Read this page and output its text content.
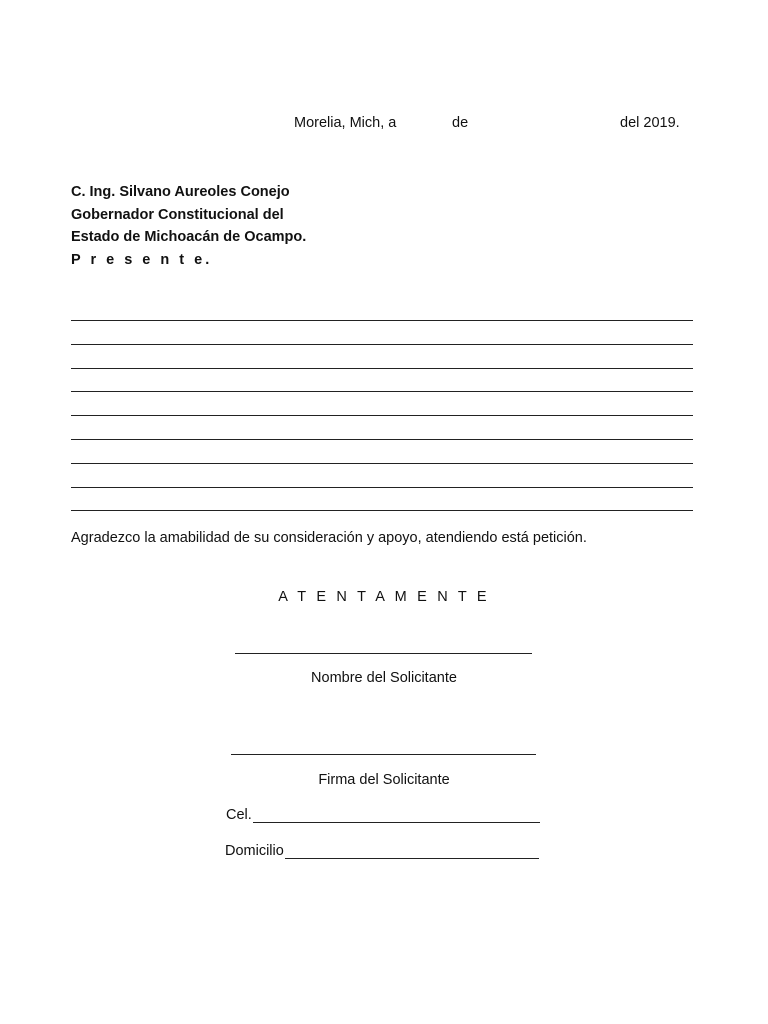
Morelia, Mich, a	de	del 2019.
C. Ing. Silvano Aureoles Conejo
Gobernador Constitucional del
Estado de Michoacán de Ocampo.
P r e s e n t e.
Agradezco la amabilidad de su consideración y apoyo, atendiendo está petición.
A T E N T A M E N T E
Nombre del Solicitante
Firma del Solicitante
Cel.
Domicilio
